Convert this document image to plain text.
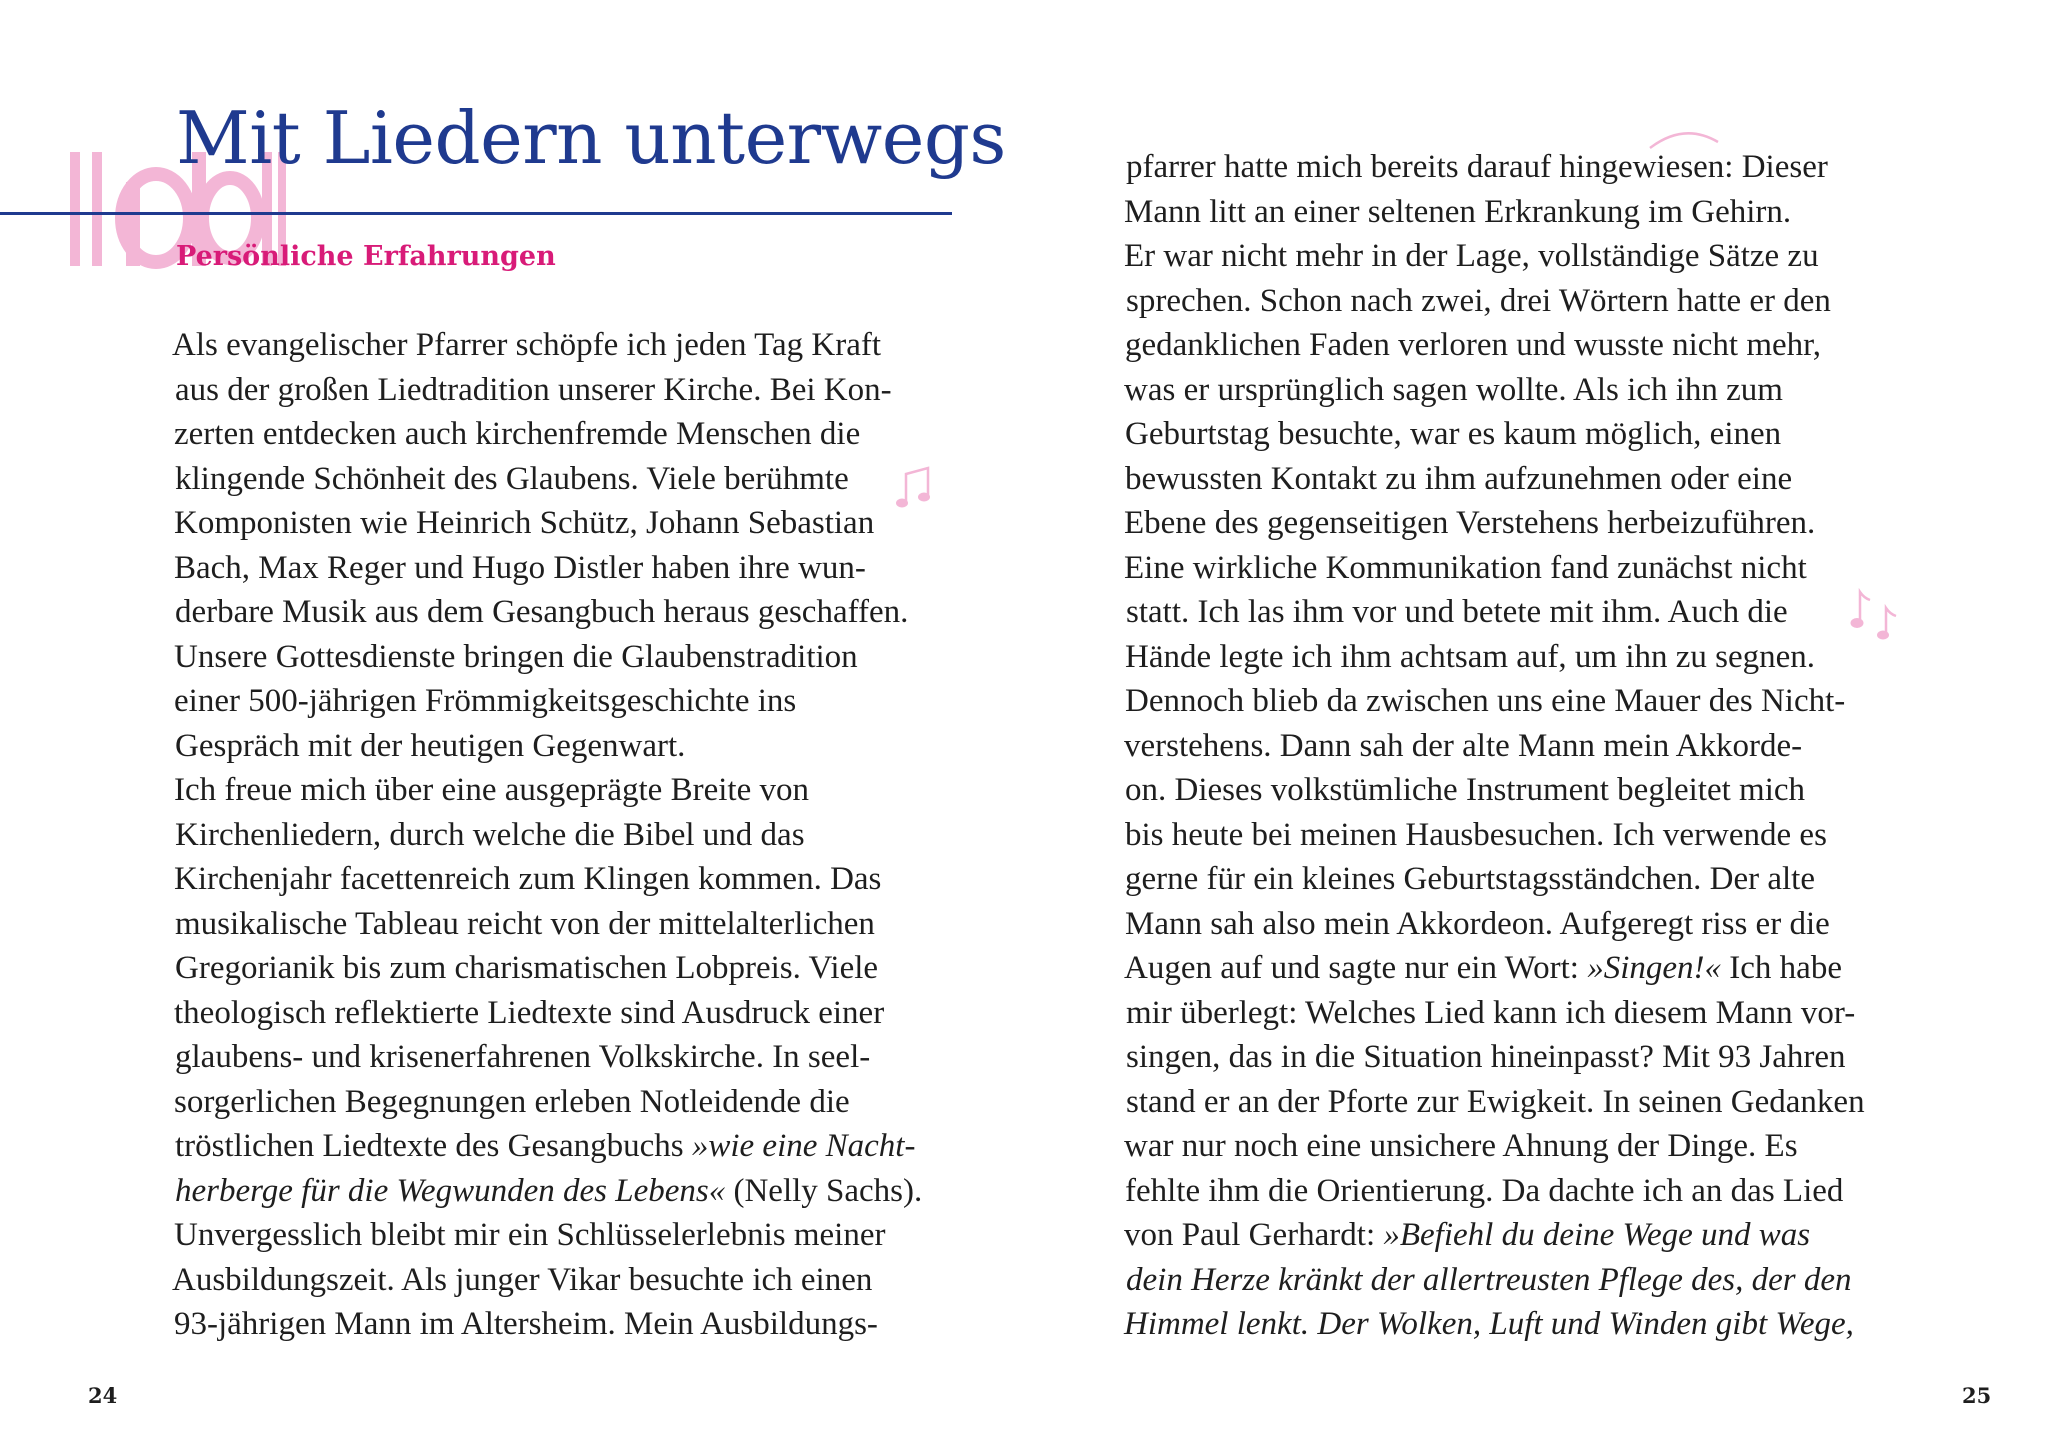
Mit Liedern unterwegs
Persönliche Erfahrungen
Als evangelischer Pfarrer schöpfe ich jeden Tag Kraft
aus der großen Liedtradition unserer Kirche. Bei Kon-
zerten entdecken auch kirchenfremde Menschen die
klingende Schönheit des Glaubens. Viele berühmte
Komponisten wie Heinrich Schütz, Johann Sebastian
Bach, Max Reger und Hugo Distler haben ihre wun-
derbare Musik aus dem Gesangbuch heraus geschaffen.
Unsere Gottesdienste bringen die Glaubenstradition
einer 500-jährigen Frömmigkeitsgeschichte ins
Gespräch mit der heutigen Gegenwart.
Ich freue mich über eine ausgeprägte Breite von
Kirchenliedern, durch welche die Bibel und das
Kirchenjahr facettenreich zum Klingen kommen. Das
musikalische Tableau reicht von der mittelalterlichen
Gregorianik bis zum charismatischen Lobpreis. Viele
theologisch reflektierte Liedtexte sind Ausdruck einer
glaubens- und krisenerfahrenen Volkskirche. In seel-
sorgerlichen Begegnungen erleben Notleidende die
tröstlichen Liedtexte des Gesangbuchs »wie eine Nacht-
herberge für die Wegwunden des Lebens« (Nelly Sachs).
Unvergesslich bleibt mir ein Schlüsselerlebnis meiner
Ausbildungszeit. Als junger Vikar besuchte ich einen
93-jährigen Mann im Altersheim. Mein Ausbildungs-
24
pfarrer hatte mich bereits darauf hingewiesen: Dieser
Mann litt an einer seltenen Erkrankung im Gehirn.
Er war nicht mehr in der Lage, vollständige Sätze zu
sprechen. Schon nach zwei, drei Wörtern hatte er den
gedanklichen Faden verloren und wusste nicht mehr,
was er ursprünglich sagen wollte. Als ich ihn zum
Geburtstag besuchte, war es kaum möglich, einen
bewussten Kontakt zu ihm aufzunehmen oder eine
Ebene des gegenseitigen Verstehens herbeizuführen.
Eine wirkliche Kommunikation fand zunächst nicht
statt. Ich las ihm vor und betete mit ihm. Auch die
Hände legte ich ihm achtsam auf, um ihn zu segnen.
Dennoch blieb da zwischen uns eine Mauer des Nicht-
verstehens. Dann sah der alte Mann mein Akkorde-
on. Dieses volkstümliche Instrument begleitet mich
bis heute bei meinen Hausbesuchen. Ich verwende es
gerne für ein kleines Geburtstagsständchen. Der alte
Mann sah also mein Akkordeon. Aufgeregt riss er die
Augen auf und sagte nur ein Wort: »Singen!« Ich habe
mir überlegt: Welches Lied kann ich diesem Mann vor-
singen, das in die Situation hineinpasst? Mit 93 Jahren
stand er an der Pforte zur Ewigkeit. In seinen Gedanken
war nur noch eine unsichere Ahnung der Dinge. Es
fehlte ihm die Orientierung. Da dachte ich an das Lied
von Paul Gerhardt: »Befiehl du deine Wege und was
dein Herze kränkt der allertreusten Pflege des, der den
Himmel lenkt. Der Wolken, Luft und Winden gibt Wege,
25
